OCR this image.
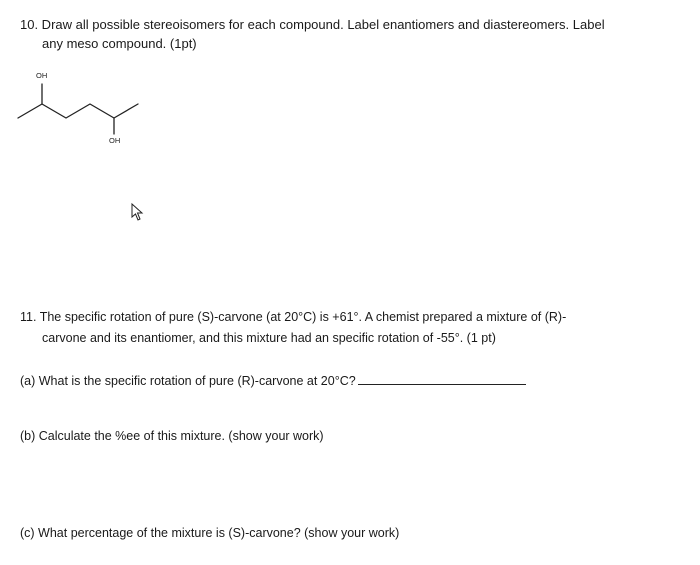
10. Draw all possible stereoisomers for each compound. Label enantiomers and diastereomers. Label
any meso compound. (1pt)
OH
OH
11. The specific rotation of pure (S)-carvone (at 20°C) is +61°. A chemist prepared a mixture of (R)-
carvone and its enantiomer, and this mixture had an specific rotation of -55°. (1 pt)
(a) What is the specific rotation of pure (R)-carvone at 20°C?
(b) Calculate the %ee of this mixture. (show your work)
(c) What percentage of the mixture is (S)-carvone? (show your work)
